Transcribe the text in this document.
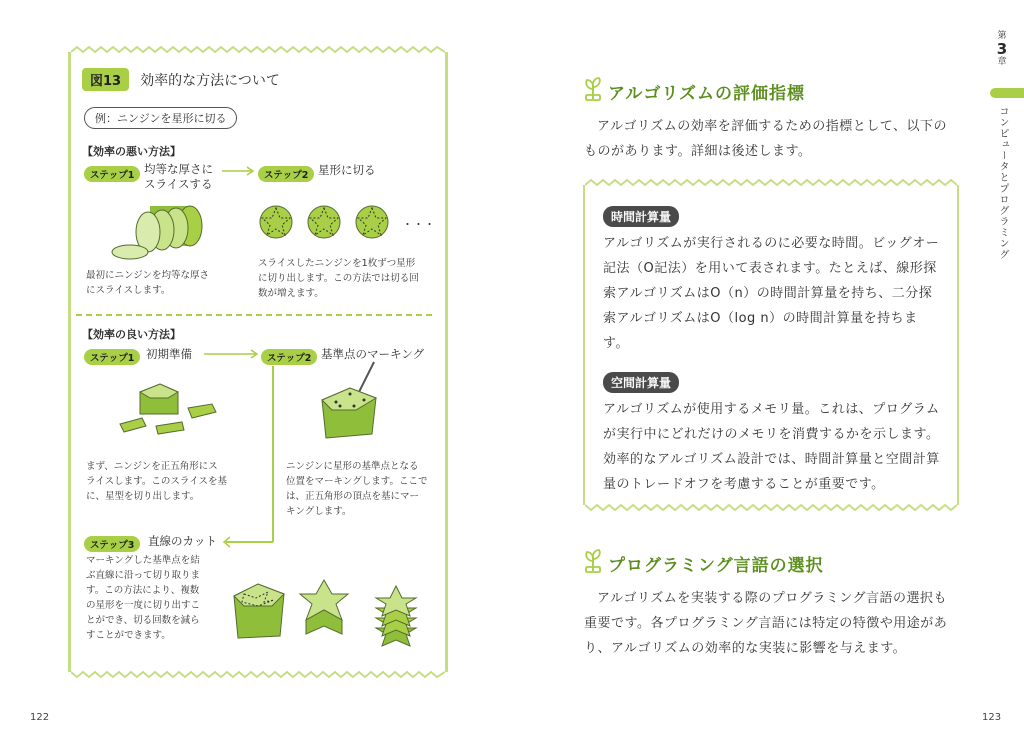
図13 効率的な方法について
例：ニンジンを星形に切る
【効率の悪い方法】
ステップ1 均等な厚さに
スライスする
ステップ2 星形に切る
・・・
最初にニンジンを均等な厚さ
にスライスします。
スライスしたニンジンを1枚ずつ星形
に切り出します。この方法では切る回
数が増えます。
【効率の良い方法】
ステップ1	初期準備	ステップ2 基準点のマーキング
まず、ニンジンを正五角形にス
ライスします。このスライスを基
に、星型を切り出します。
ニンジンに星形の基準点となる
位置をマーキングします。ここで
は、正五角形の頂点を基にマー
キングします。
ステップ3	直線のカット
マーキングした基準点を結
ぶ直線に沿って切り取りま
す。この方法により、複数
の星形を一度に切り出すこ
とができ、切る回数を減ら
すことができます。
122
アルゴリズムの評価指標
アルゴリズムの効率を評価するための指標として、以下のものがあります。詳細は後述します。
時間計算量
アルゴリズムが実行されるのに必要な時間。ビッグオー記法（O記法）を用いて表されます。たとえば、線形探索アルゴリズムはO（n）の時間計算量を持ち、二分探索アルゴリズムはO（log n）の時間計算量を持ちます。
空間計算量
アルゴリズムが使用するメモリ量。これは、プログラムが実行中にどれだけのメモリを消費するかを示します。効率的なアルゴリズム設計では、時間計算量と空間計算量のトレードオフを考慮することが重要です。
プログラミング言語の選択
アルゴリズムを実装する際のプログラミング言語の選択も重要です。各プログラミング言語には特定の特徴や用途があり、アルゴリズムの効率的な実装に影響を与えます。
123
第
3
章
コンピュータとプログラミング
